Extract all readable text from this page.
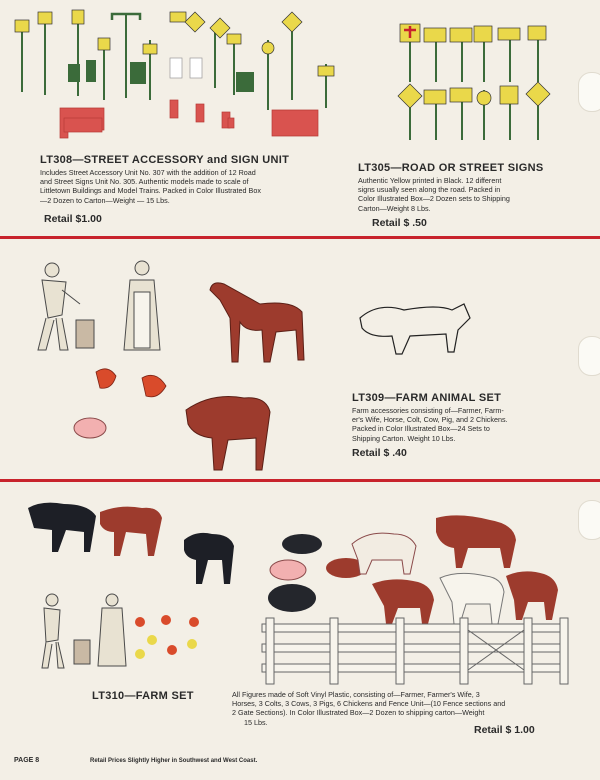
LT308—STREET ACCESSORY and SIGN UNIT
Includes Street Accessory Unit No. 307 with the addition of 12 Road
and Street Signs Unit No. 305. Authentic models made to scale of
Littletown Buildings and Model Trains. Packed in Color Illustrated Box
—2 Dozen to Carton—Weight — 15 Lbs.
Retail $1.00
LT305—ROAD OR STREET SIGNS
Authentic Yellow printed in Black. 12 different
signs usually seen along the road. Packed in
Color Illustrated Box—2 Dozen sets to Shipping
Carton—Weight 8 Lbs.
Retail $ .50
LT309—FARM ANIMAL SET
Farm accessories consisting of—Farmer, Farm-
er's Wife, Horse, Colt, Cow, Pig, and 2 Chickens.
Packed in Color Illustrated Box—24 Sets to
Shipping Carton. Weight 10 Lbs.
Retail $ .40
LT310—FARM SET	All Figures made of Soft Vinyl Plastic, consisting of—Farmer, Farmer's Wife, 3
Horses, 3 Colts, 3 Cows, 3 Pigs, 6 Chickens and Fence Unit—(10 Fence sections and
2 Gate Sections). In Color Illustrated Box—2 Dozen to shipping carton—Weight
15 Lbs.
Retail $ 1.00
PAGE 8	Retail Prices Slightly Higher in Southwest and West Coast.
